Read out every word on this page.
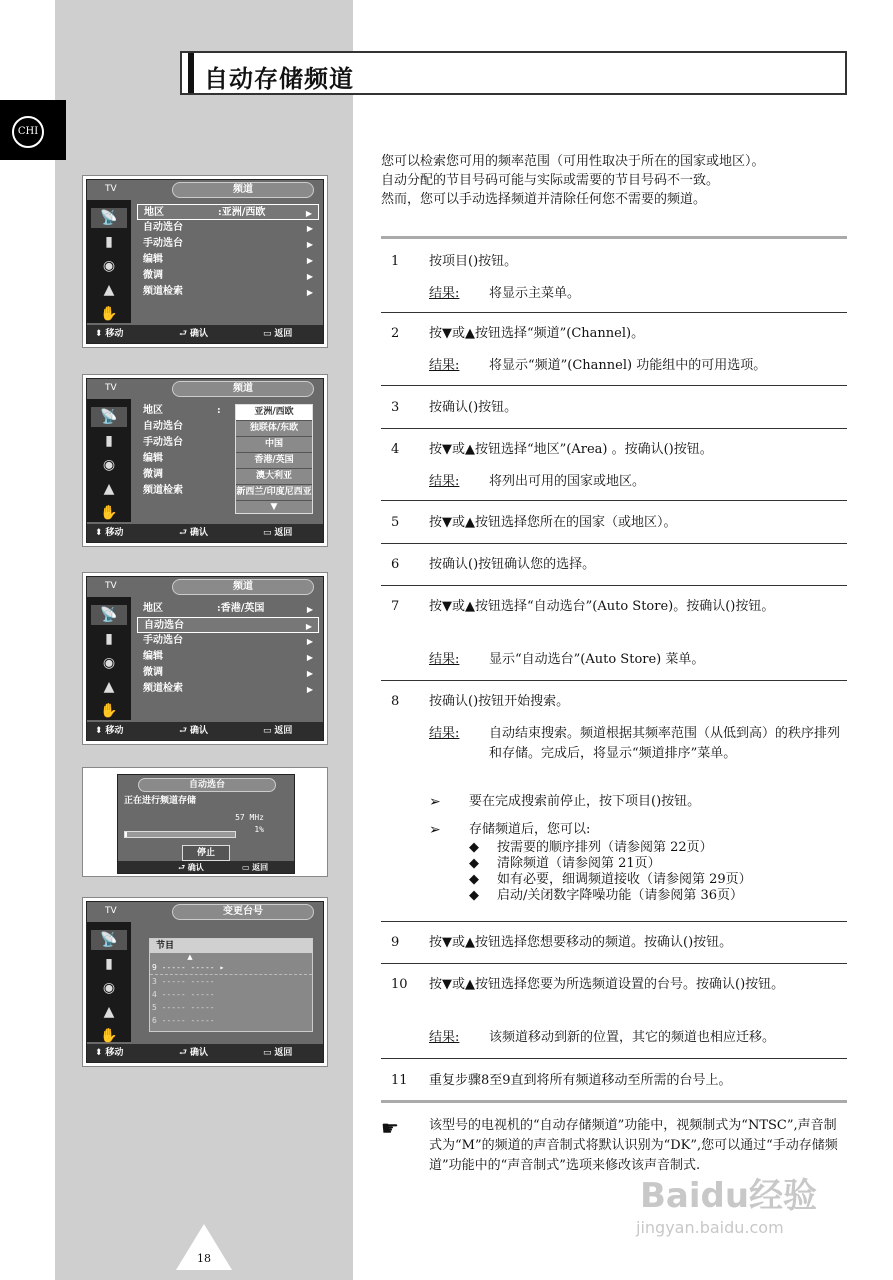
CHI
自动存储频道
TV	频道
📡
▮
◉
▲
✋
地区	:亚洲/西欧	▶
自动选台	▶
手动选台	▶
编辑	▶
微调	▶
频道检索	▶
⬍ 移动	⮐ 确认	▭ 返回
TV	频道
📡
▮
◉
▲
✋
地区	:
自动选台
手动选台
编辑
微调
频道检索
亚洲/西欧
独联体/东欧
中国
香港/英国
澳大利亚
新西兰/印度尼西亚
▼
⬍ 移动	⮐ 确认	▭ 返回
TV	频道
📡
▮
◉
▲
✋
地区	:香港/英国	▶
自动选台	▶
手动选台	▶
编辑	▶
微调	▶
频道检索	▶
⬍ 移动	⮐ 确认	▭ 返回
自动选台
正在进行频道存储
57 MHz
1%
停止
⮐ 确认	▭ 返回
TV	变更台号
📡
▮
◉
▲
✋
节目
▲
9 ----- ----- ▸
3 ----- -----
4 ----- -----
5 ----- -----
6 ----- -----
⬍ 移动	⮐ 确认	▭ 返回
您可以检索您可用的频率范围（可用性取决于所在的国家或地区）。
自动分配的节目号码可能与实际或需要的节目号码不一致。
然而，您可以手动选择频道并清除任何您不需要的频道。
1	按项目()按钮。
结果: 将显示主菜单。
2	按▼或▲按钮选择“频道”(Channel)。
结果: 将显示“频道”(Channel) 功能组中的可用选项。
3	按确认()按钮。
4	按▼或▲按钮选择“地区”(Area) 。按确认()按钮。
结果: 将列出可用的国家或地区。
5	按▼或▲按钮选择您所在的国家（或地区）。
6	按确认()按钮确认您的选择。
7	按▼或▲按钮选择“自动选台”(Auto Store)。按确认()按钮。
结果: 显示“自动选台”(Auto Store) 菜单。
8	按确认()按钮开始搜索。
结果: 自动结束搜索。频道根据其频率范围（从低到高）的秩序排列和存储。完成后，将显示“频道排序”菜单。
➢ 要在完成搜索前停止，按下项目()按钮。
➢ 存储频道后，您可以:
◆ 按需要的顺序排列（请参阅第 22页）
◆ 清除频道（请参阅第 21页）
◆ 如有必要，细调频道接收（请参阅第 29页）
◆ 启动/关闭数字降噪功能（请参阅第 36页）
9	按▼或▲按钮选择您想要移动的频道。按确认()按钮。
10	按▼或▲按钮选择您要为所选频道设置的台号。按确认()按钮。
结果: 该频道移动到新的位置，其它的频道也相应迁移。
11	重复步骤8至9直到将所有频道移动至所需的台号上。
☛ 该型号的电视机的“自动存储频道”功能中，视频制式为“NTSC”,声音制式为“M”的频道的声音制式将默认识别为“DK”,您可以通过“手动存储频道”功能中的“声音制式”选项来修改该声音制式.
Baidu经验
jingyan.baidu.com
18
